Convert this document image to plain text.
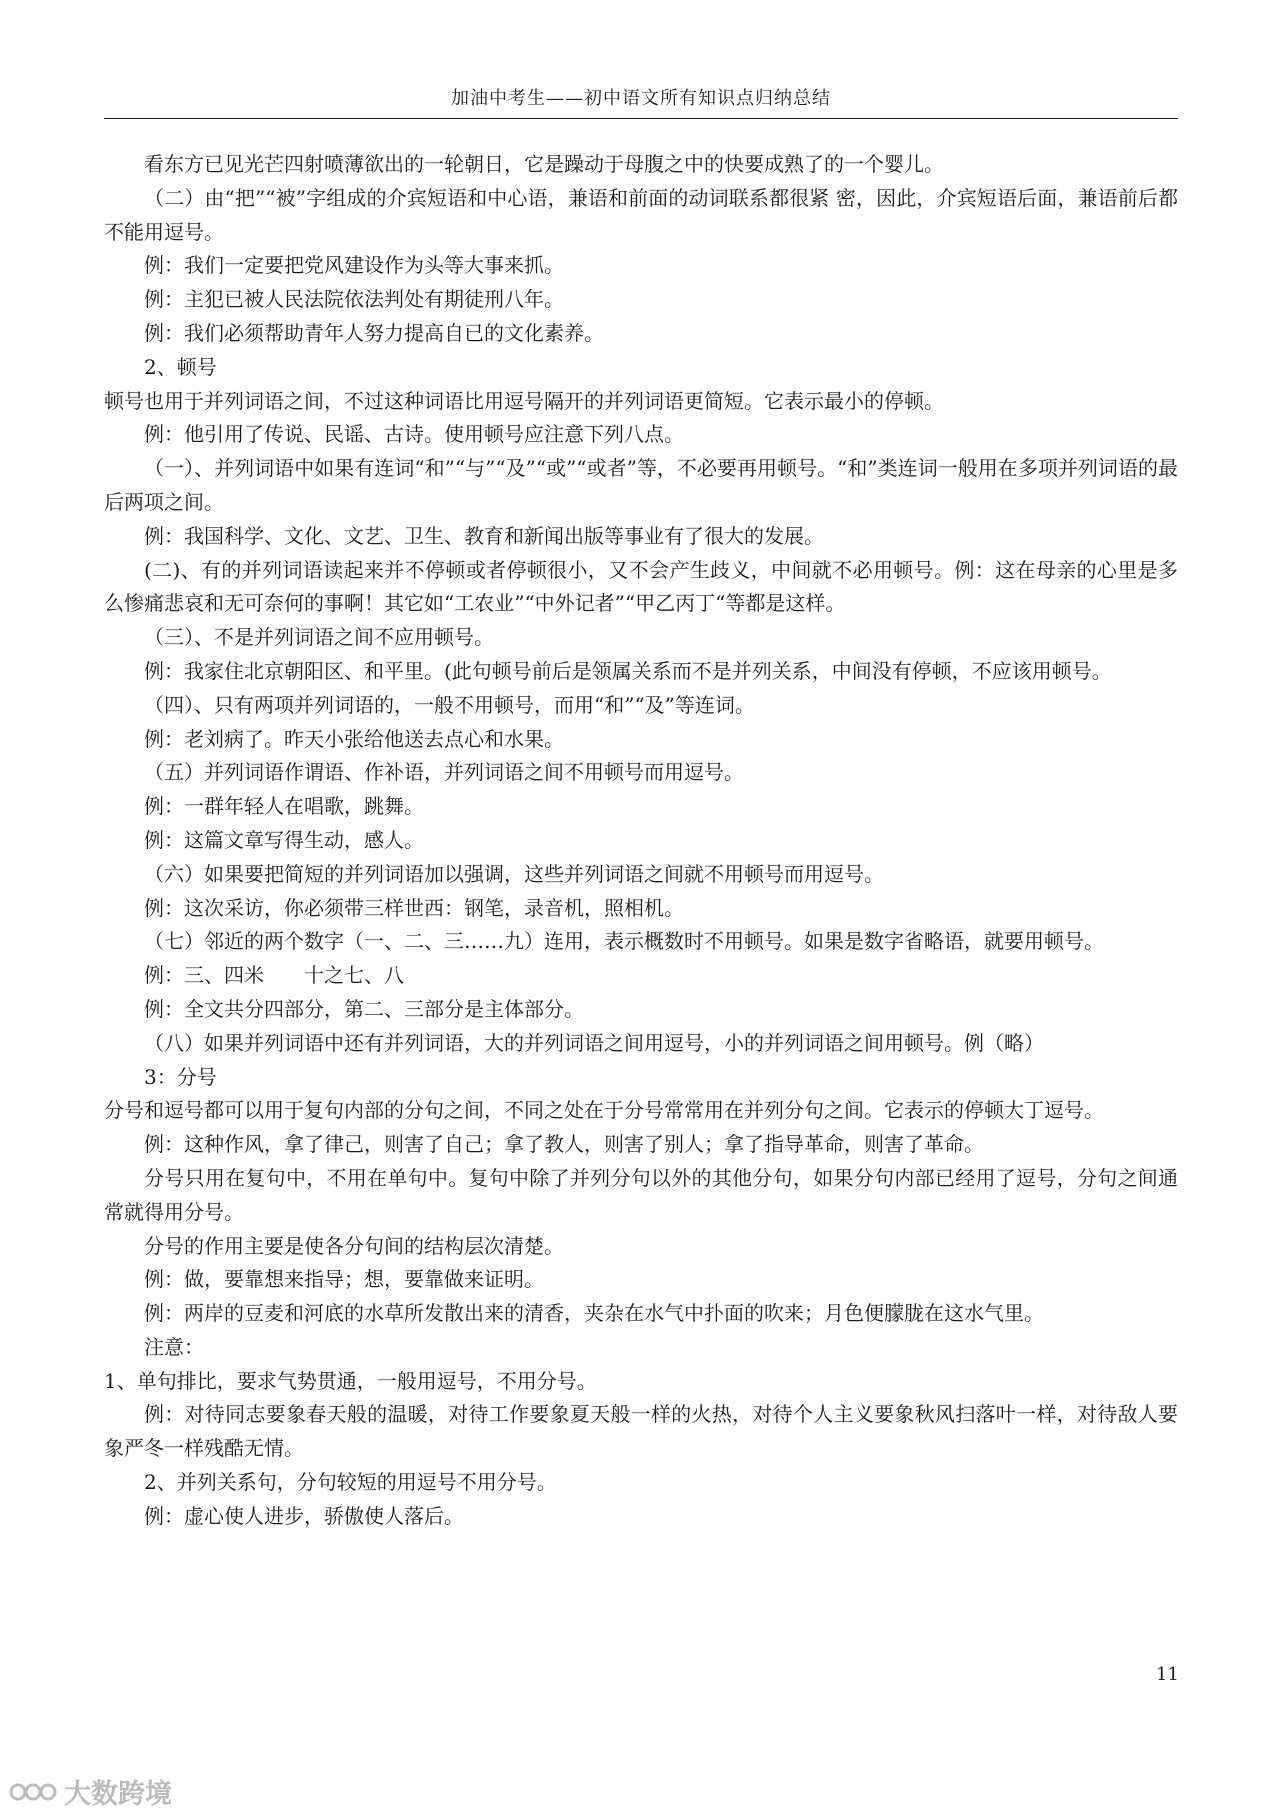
加油中考生——初中语文所有知识点归纳总结

看东方已见光芒四射喷薄欲出的一轮朝日，它是躁动于母腹之中的快要成熟了的一个婴儿。

（二）由“把”“被”字组成的介宾短语和中心语，兼语和前面的动词联系都很紧 密，因此，介宾短语后面，兼语前后都不能用逗号。

例：我们一定要把党风建设作为头等大事来抓。

例：主犯已被人民法院依法判处有期徒刑八年。

例：我们必须帮助青年人努力提高自已的文化素养。

2、顿号

顿号也用于并列词语之间，不过这种词语比用逗号隔开的并列词语更简短。它表示最小的停顿。

例：他引用了传说、民谣、古诗。使用顿号应注意下列八点。

（一）、并列词语中如果有连词“和”“与”“及”“或”“或者”等，不必要再用顿号。“和”类连词一般用在多项并列词语的最后两项之间。

例：我国科学、文化、文艺、卫生、教育和新闻出版等事业有了很大的发展。

(二)、有的并列词语读起来并不停顿或者停顿很小，又不会产生歧义，中间就不必用顿号。例：这在母亲的心里是多么惨痛悲哀和无可奈何的事啊！其它如“工农业”“中外记者”“甲乙丙丁“等都是这样。

（三）、不是并列词语之间不应用顿号。

例：我家住北京朝阳区、和平里。(此句顿号前后是领属关系而不是并列关系，中间没有停顿，不应该用顿号。

（四）、只有两项并列词语的，一般不用顿号，而用“和”“及”等连词。

例：老刘病了。昨天小张给他送去点心和水果。

（五）并列词语作谓语、作补语，并列词语之间不用顿号而用逗号。

例：一群年轻人在唱歌，跳舞。

例：这篇文章写得生动，感人。

（六）如果要把简短的并列词语加以强调，这些并列词语之间就不用顿号而用逗号。

例：这次采访，你必须带三样世西：钢笔，录音机，照相机。

（七）邻近的两个数字（一、二、三……九）连用，表示概数时不用顿号。如果是数字省略语，就要用顿号。

例：三、四米　　十之七、八

例：全文共分四部分，第二、三部分是主体部分。

（八）如果并列词语中还有并列词语，大的并列词语之间用逗号，小的并列词语之间用顿号。例（略）

3：分号

分号和逗号都可以用于复句内部的分句之间，不同之处在于分号常常用在并列分句之间。它表示的停顿大丁逗号。

例：这种作风，拿了律己，则害了自己；拿了教人，则害了别人；拿了指导革命，则害了革命。

分号只用在复句中，不用在单句中。复句中除了并列分句以外的其他分句，如果分句内部已经用了逗号，分句之间通常就得用分号。

分号的作用主要是使各分句间的结构层次清楚。

例：做，要靠想来指导；想，要靠做来证明。

例：两岸的豆麦和河底的水草所发散出来的清香，夹杂在水气中扑面的吹来；月色便朦胧在这水气里。

注意：

1、单句排比，要求气势贯通，一般用逗号，不用分号。

例：对待同志要象春天般的温暖，对待工作要象夏天般一样的火热，对待个人主义要象秋风扫落叶一样，对待敌人要象严冬一样残酷无情。

2、并列关系句，分句较短的用逗号不用分号。

例：虚心使人进步，骄傲使人落后。

11
大数跨境
